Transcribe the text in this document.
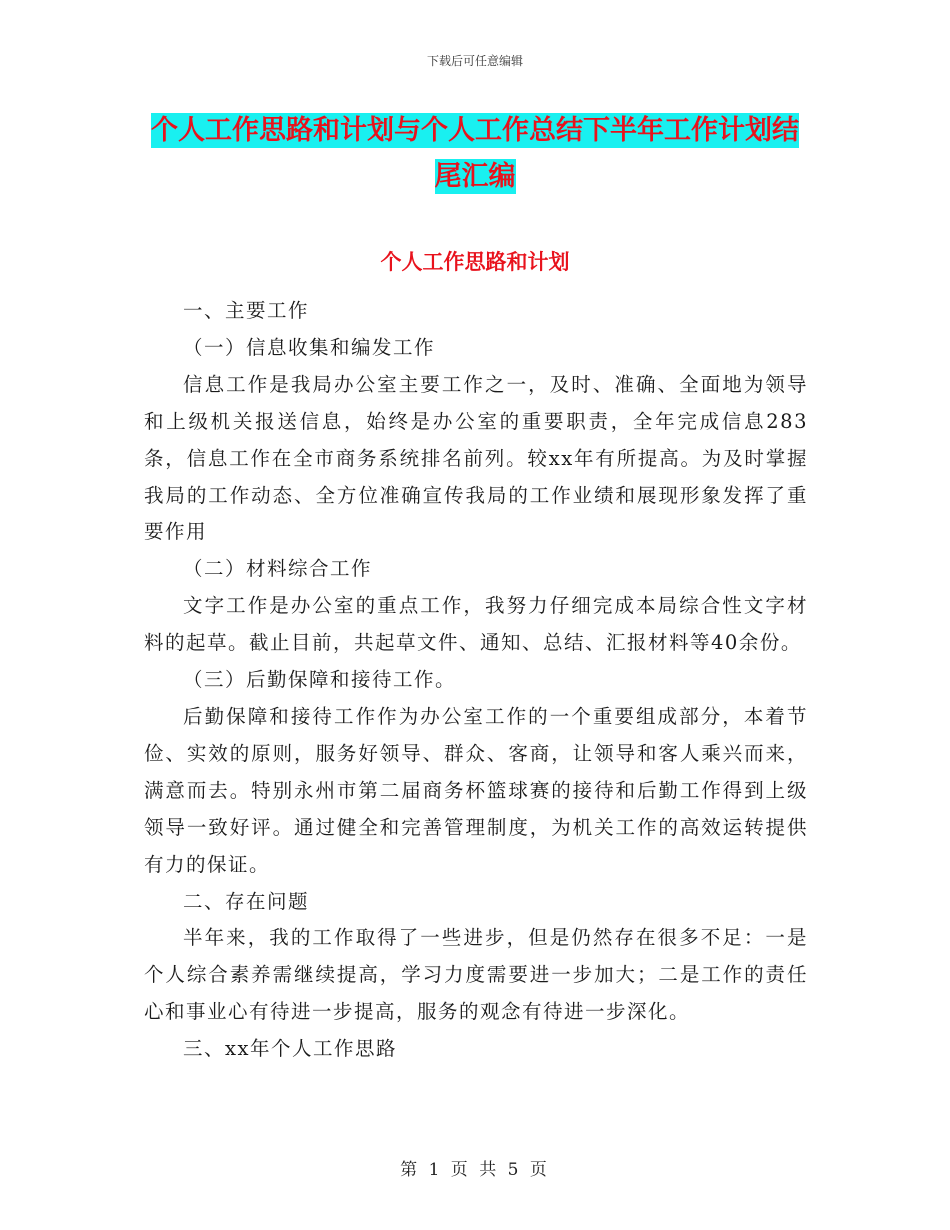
下载后可任意编辑
个人工作思路和计划与个人工作总结下半年工作计划结尾汇编
个人工作思路和计划

一、主要工作

（一）信息收集和编发工作

信息工作是我局办公室主要工作之一，及时、准确、全面地为领导和上级机关报送信息，始终是办公室的重要职责，全年完成信息283条，信息工作在全市商务系统排名前列。较xx年有所提高。为及时掌握我局的工作动态、全方位准确宣传我局的工作业绩和展现形象发挥了重要作用

（二）材料综合工作

文字工作是办公室的重点工作，我努力仔细完成本局综合性文字材料的起草。截止目前，共起草文件、通知、总结、汇报材料等40余份。

（三）后勤保障和接待工作。

后勤保障和接待工作作为办公室工作的一个重要组成部分，本着节俭、实效的原则，服务好领导、群众、客商，让领导和客人乘兴而来，满意而去。特别永州市第二届商务杯篮球赛的接待和后勤工作得到上级领导一致好评。通过健全和完善管理制度，为机关工作的高效运转提供有力的保证。

二、存在问题

半年来，我的工作取得了一些进步，但是仍然存在很多不足：一是个人综合素养需继续提高，学习力度需要进一步加大；二是工作的责任心和事业心有待进一步提高，服务的观念有待进一步深化。

三、xx年个人工作思路

第 1 页 共 5 页
